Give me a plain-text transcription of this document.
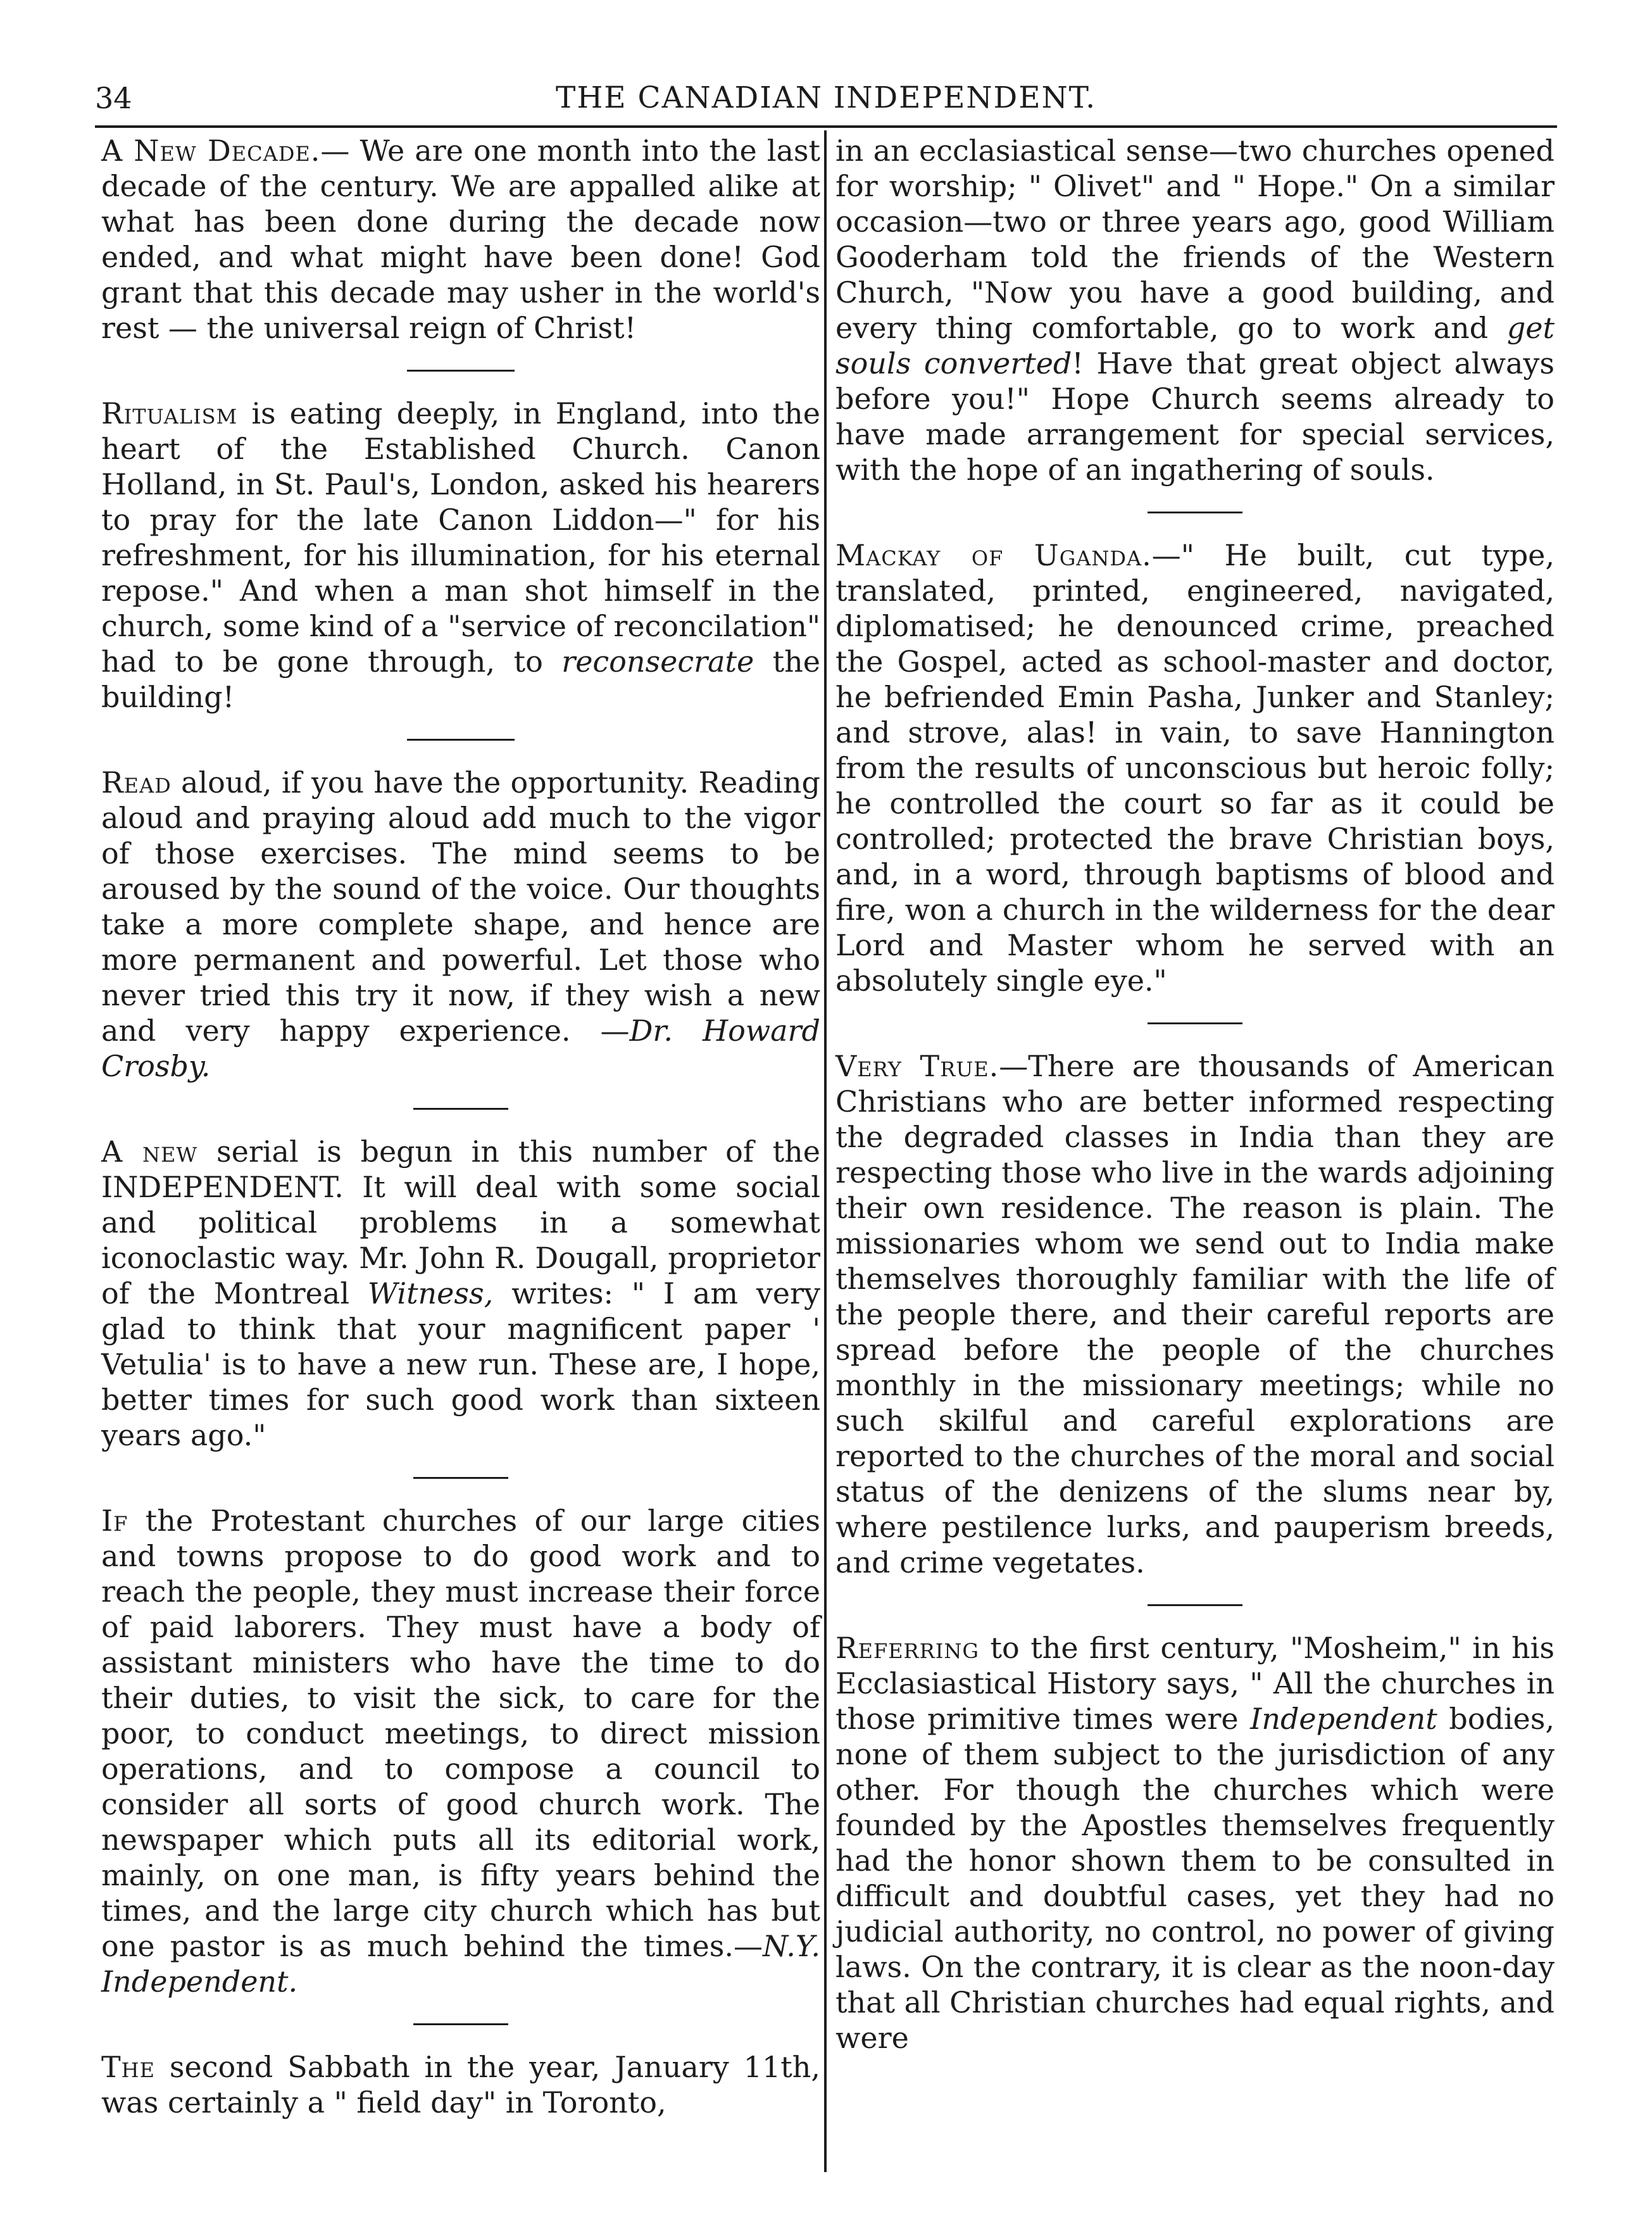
34	THE CANADIAN INDEPENDENT.

A New Decade.— We are one month into the last decade of the century. We are appalled alike at what has been done during the decade now ended, and what might have been done! God grant that this decade may usher in the world's rest — the universal reign of Christ!

Ritualism is eating deeply, in England, into the heart of the Established Church. Canon Holland, in St. Paul's, London, asked his hearers to pray for the late Canon Liddon—" for his refreshment, for his illumination, for his eternal repose." And when a man shot himself in the church, some kind of a "service of reconcilation" had to be gone through, to reconsecrate the building!

Read aloud, if you have the opportunity. Reading aloud and praying aloud add much to the vigor of those exercises. The mind seems to be aroused by the sound of the voice. Our thoughts take a more complete shape, and hence are more permanent and powerful. Let those who never tried this try it now, if they wish a new and very happy experience. —Dr. Howard Crosby.

A new serial is begun in this number of the INDEPENDENT. It will deal with some social and political problems in a somewhat iconoclastic way. Mr. John R. Dougall, proprietor of the Montreal Witness, writes: " I am very glad to think that your magnificent paper ' Vetulia' is to have a new run. These are, I hope, better times for such good work than sixteen years ago."

If the Protestant churches of our large cities and towns propose to do good work and to reach the people, they must increase their force of paid laborers. They must have a body of assistant ministers who have the time to do their duties, to visit the sick, to care for the poor, to conduct meetings, to direct mission operations, and to compose a council to consider all sorts of good church work. The newspaper which puts all its editorial work, mainly, on one man, is fifty years behind the times, and the large city church which has but one pastor is as much behind the times.—N.Y. Independent.

The second Sabbath in the year, January 11th, was certainly a " field day" in Toronto,

in an ecclasiastical sense—two churches opened for worship; " Olivet" and " Hope." On a similar occasion—two or three years ago, good William Gooderham told the friends of the Western Church, "Now you have a good building, and every thing comfortable, go to work and get souls converted! Have that great object always before you!" Hope Church seems already to have made arrangement for special services, with the hope of an ingathering of souls.

Mackay of Uganda.—" He built, cut type, translated, printed, engineered, navigated, diplomatised; he denounced crime, preached the Gospel, acted as school-master and doctor, he befriended Emin Pasha, Junker and Stanley; and strove, alas! in vain, to save Hannington from the results of unconscious but heroic folly; he controlled the court so far as it could be controlled; protected the brave Christian boys, and, in a word, through baptisms of blood and fire, won a church in the wilderness for the dear Lord and Master whom he served with an absolutely single eye."

Very True.—There are thousands of American Christians who are better informed respecting the degraded classes in India than they are respecting those who live in the wards adjoining their own residence. The reason is plain. The missionaries whom we send out to India make themselves thoroughly familiar with the life of the people there, and their careful reports are spread before the people of the churches monthly in the missionary meetings; while no such skilful and careful explorations are reported to the churches of the moral and social status of the denizens of the slums near by, where pestilence lurks, and pauperism breeds, and crime vegetates.

Referring to the first century, "Mosheim," in his Ecclasiastical History says, " All the churches in those primitive times were Independent bodies, none of them subject to the jurisdiction of any other. For though the churches which were founded by the Apostles themselves frequently had the honor shown them to be consulted in difficult and doubtful cases, yet they had no judicial authority, no control, no power of giving laws. On the contrary, it is clear as the noon-day that all Christian churches had equal rights, and were
